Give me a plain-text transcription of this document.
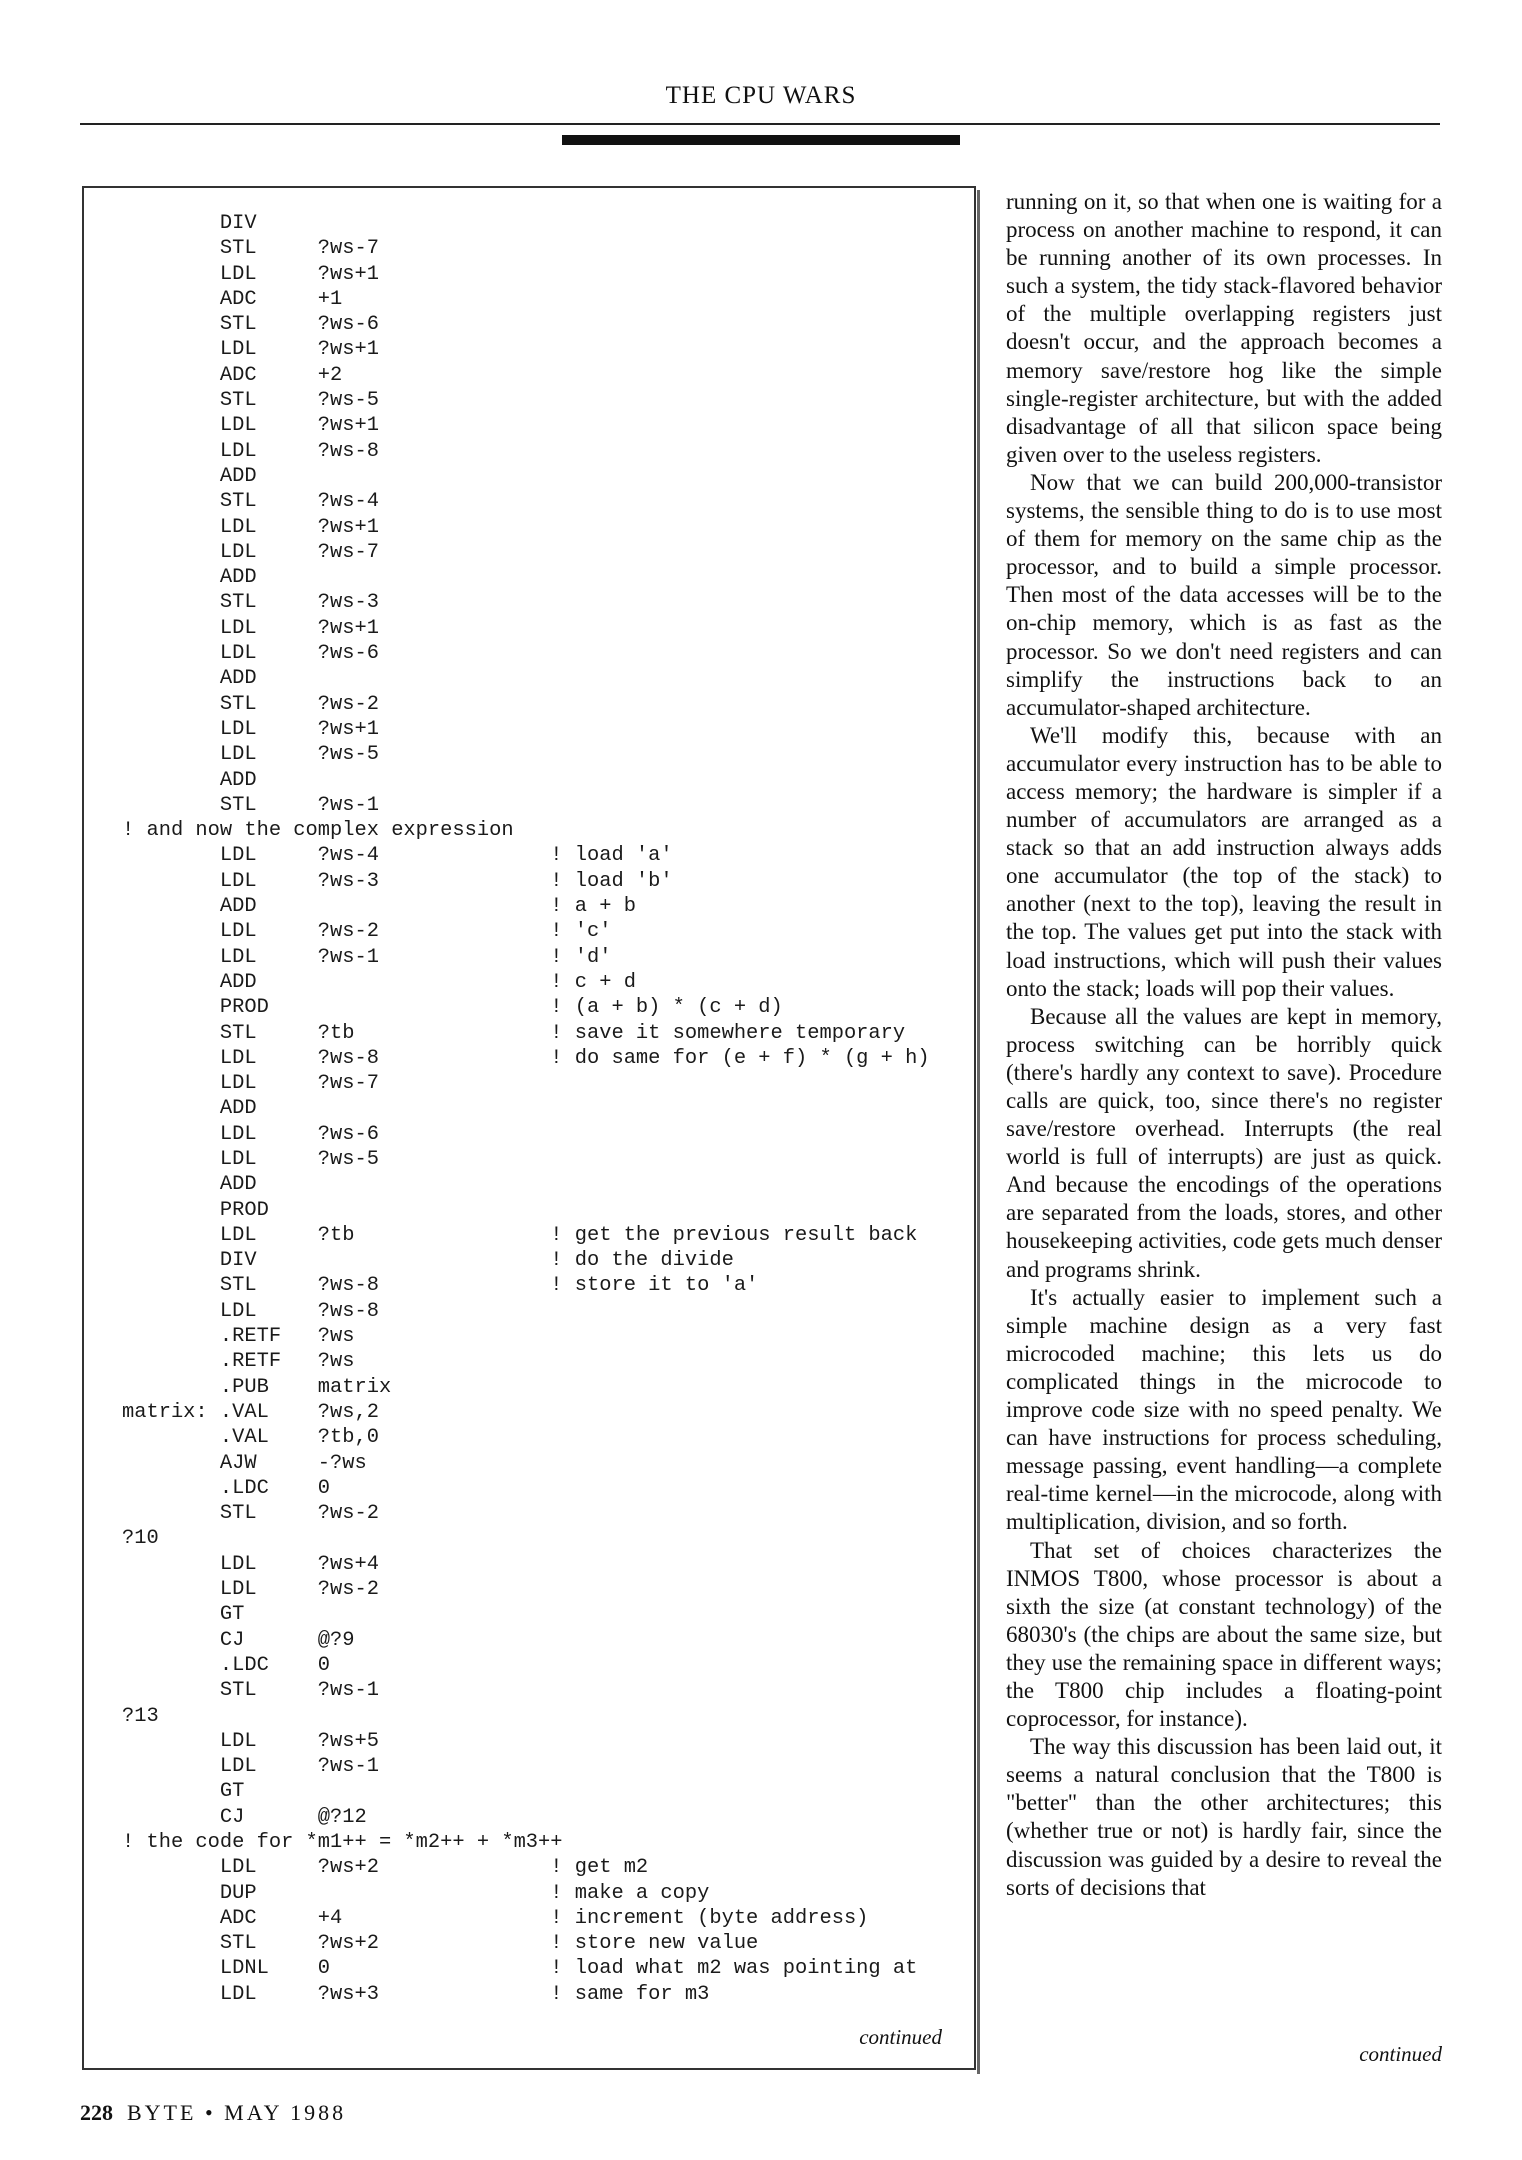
THE CPU WARS
DIV
STL     ?ws-7
LDL     ?ws+1
ADC     +1
STL     ?ws-6
LDL     ?ws+1
ADC     +2
STL     ?ws-5
LDL     ?ws+1
LDL     ?ws-8
ADD
STL     ?ws-4
LDL     ?ws+1
LDL     ?ws-7
ADD
STL     ?ws-3
LDL     ?ws+1
LDL     ?ws-6
ADD
STL     ?ws-2
LDL     ?ws+1
LDL     ?ws-5
ADD
STL     ?ws-1
! and now the complex expression
LDL     ?ws-4              ! load 'a'
LDL     ?ws-3              ! load 'b'
ADD                        ! a + b
LDL     ?ws-2              ! 'c'
LDL     ?ws-1              ! 'd'
ADD                        ! c + d
PROD                       ! (a + b) * (c + d)
STL     ?tb                ! save it somewhere temporary
LDL     ?ws-8              ! do same for (e + f) * (g + h)
LDL     ?ws-7
ADD
LDL     ?ws-6
LDL     ?ws-5
ADD
PROD
LDL     ?tb                ! get the previous result back
DIV                        ! do the divide
STL     ?ws-8              ! store it to 'a'
LDL     ?ws-8
.RETF   ?ws
.RETF   ?ws
.PUB    matrix
matrix: .VAL    ?ws,2
.VAL    ?tb,0
AJW     -?ws
.LDC    0
STL     ?ws-2
?10
LDL     ?ws+4
LDL     ?ws-2
GT
CJ      @?9
.LDC    0
STL     ?ws-1
?13
LDL     ?ws+5
LDL     ?ws-1
GT
CJ      @?12
! the code for *m1++ = *m2++ + *m3++
LDL     ?ws+2              ! get m2
DUP                        ! make a copy
ADC     +4                 ! increment (byte address)
STL     ?ws+2              ! store new value
LDNL    0                  ! load what m2 was pointing at
LDL     ?ws+3              ! same for m3
continued

running on it, so that when one is waiting for a process on another machine to respond, it can be running another of its own processes. In such a system, the tidy stack-flavored behavior of the multiple overlapping registers just doesn't occur, and the approach becomes a memory save/restore hog like the simple single-register architecture, but with the added disadvantage of all that silicon space being given over to the useless registers.

Now that we can build 200,000-transistor systems, the sensible thing to do is to use most of them for memory on the same chip as the processor, and to build a simple processor. Then most of the data accesses will be to the on-chip memory, which is as fast as the processor. So we don't need registers and can simplify the instructions back to an accumulator-shaped architecture.

We'll modify this, because with an accumulator every instruction has to be able to access memory; the hardware is simpler if a number of accumulators are arranged as a stack so that an add instruction always adds one accumulator (the top of the stack) to another (next to the top), leaving the result in the top. The values get put into the stack with load instructions, which will push their values onto the stack; loads will pop their values.

Because all the values are kept in memory, process switching can be horribly quick (there's hardly any context to save). Procedure calls are quick, too, since there's no register save/restore overhead. Interrupts (the real world is full of interrupts) are just as quick. And because the encodings of the operations are separated from the loads, stores, and other housekeeping activities, code gets much denser and programs shrink.

It's actually easier to implement such a simple machine design as a very fast microcoded machine; this lets us do complicated things in the microcode to improve code size with no speed penalty. We can have instructions for process scheduling, message passing, event handling—a complete real-time kernel—in the microcode, along with multiplication, division, and so forth.

That set of choices characterizes the INMOS T800, whose processor is about a sixth the size (at constant technology) of the 68030's (the chips are about the same size, but they use the remaining space in different ways; the T800 chip includes a floating-point coprocessor, for instance).

The way this discussion has been laid out, it seems a natural conclusion that the T800 is "better" than the other architectures; this (whether true or not) is hardly fair, since the discussion was guided by a desire to reveal the sorts of decisions that

continued
228 BYTE • MAY 1988
